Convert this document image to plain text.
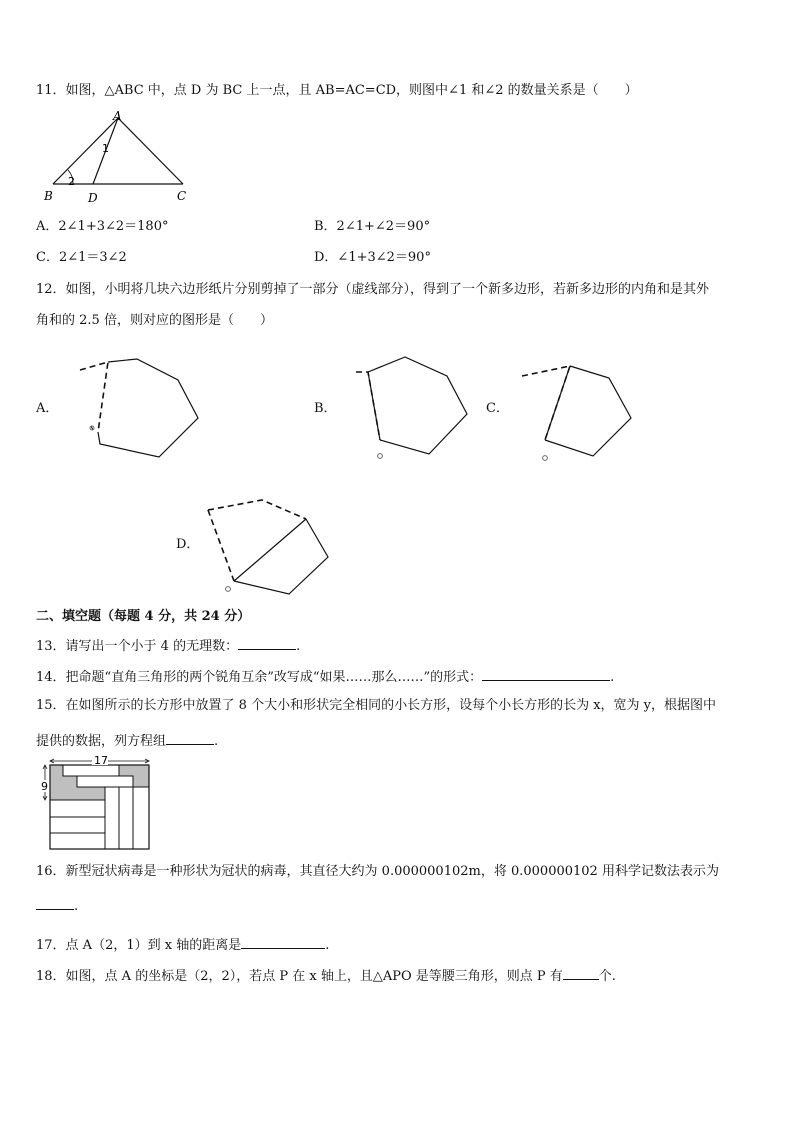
11．如图，△ABC 中，点 D 为 BC 上一点，且 AB=AC=CD，则图中∠1 和∠2 的数量关系是（　　）
A
B	D	C
1
2
A．2∠1+3∠2＝180°	B．2∠1+∠2＝90°
C．2∠1＝3∠2	D．∠1+3∠2＝90°
12．如图，小明将几块六边形纸片分别剪掉了一部分（虚线部分），得到了一个新多边形，若新多边形的内角和是其外
角和的 2.5 倍，则对应的图形是（　　）
A．	B．	C．
D．
二、填空题（每题 4 分，共 24 分）
13．请写出一个小于 4 的无理数：	.
14．把命题“直角三角形的两个锐角互余”改写成“如果……那么……”的形式：	.
15．在如图所示的长方形中放置了 8 个大小和形状完全相同的小长方形，设每个小长方形的长为 x，宽为 y，根据图中
提供的数据，列方程组	.
17
9
16．新型冠状病毒是一种形状为冠状的病毒，其直径大约为 0.000000102m，将 0.000000102 用科学记数法表示为
.
17．点 A（2，1）到 x 轴的距离是	.
18．如图，点 A 的坐标是（2，2），若点 P 在 x 轴上，且△APO 是等腰三角形，则点 P 有	个.
